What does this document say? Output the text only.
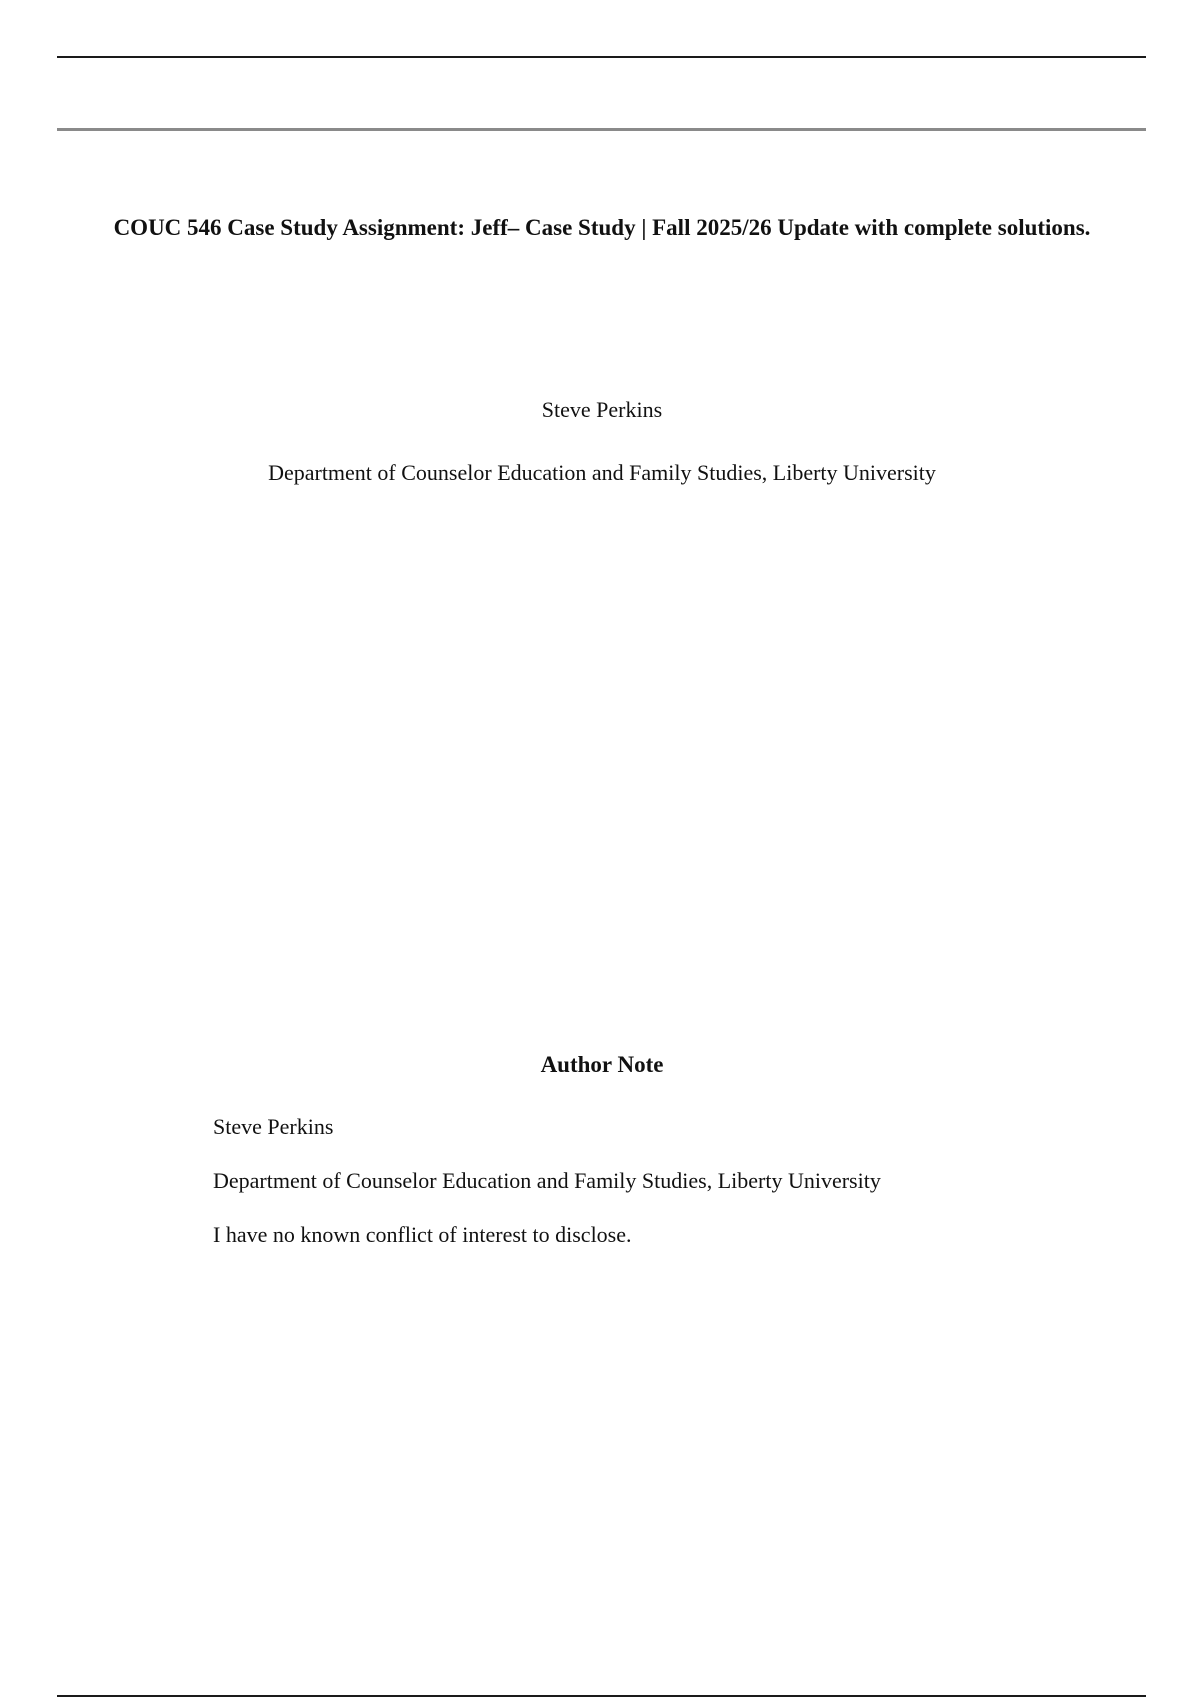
COUC 546 Case Study Assignment: Jeff– Case Study | Fall 2025/26 Update with complete solutions.

Steve Perkins

Department of Counselor Education and Family Studies, Liberty University

Author Note

Steve Perkins

Department of Counselor Education and Family Studies, Liberty University

I have no known conflict of interest to disclose.
